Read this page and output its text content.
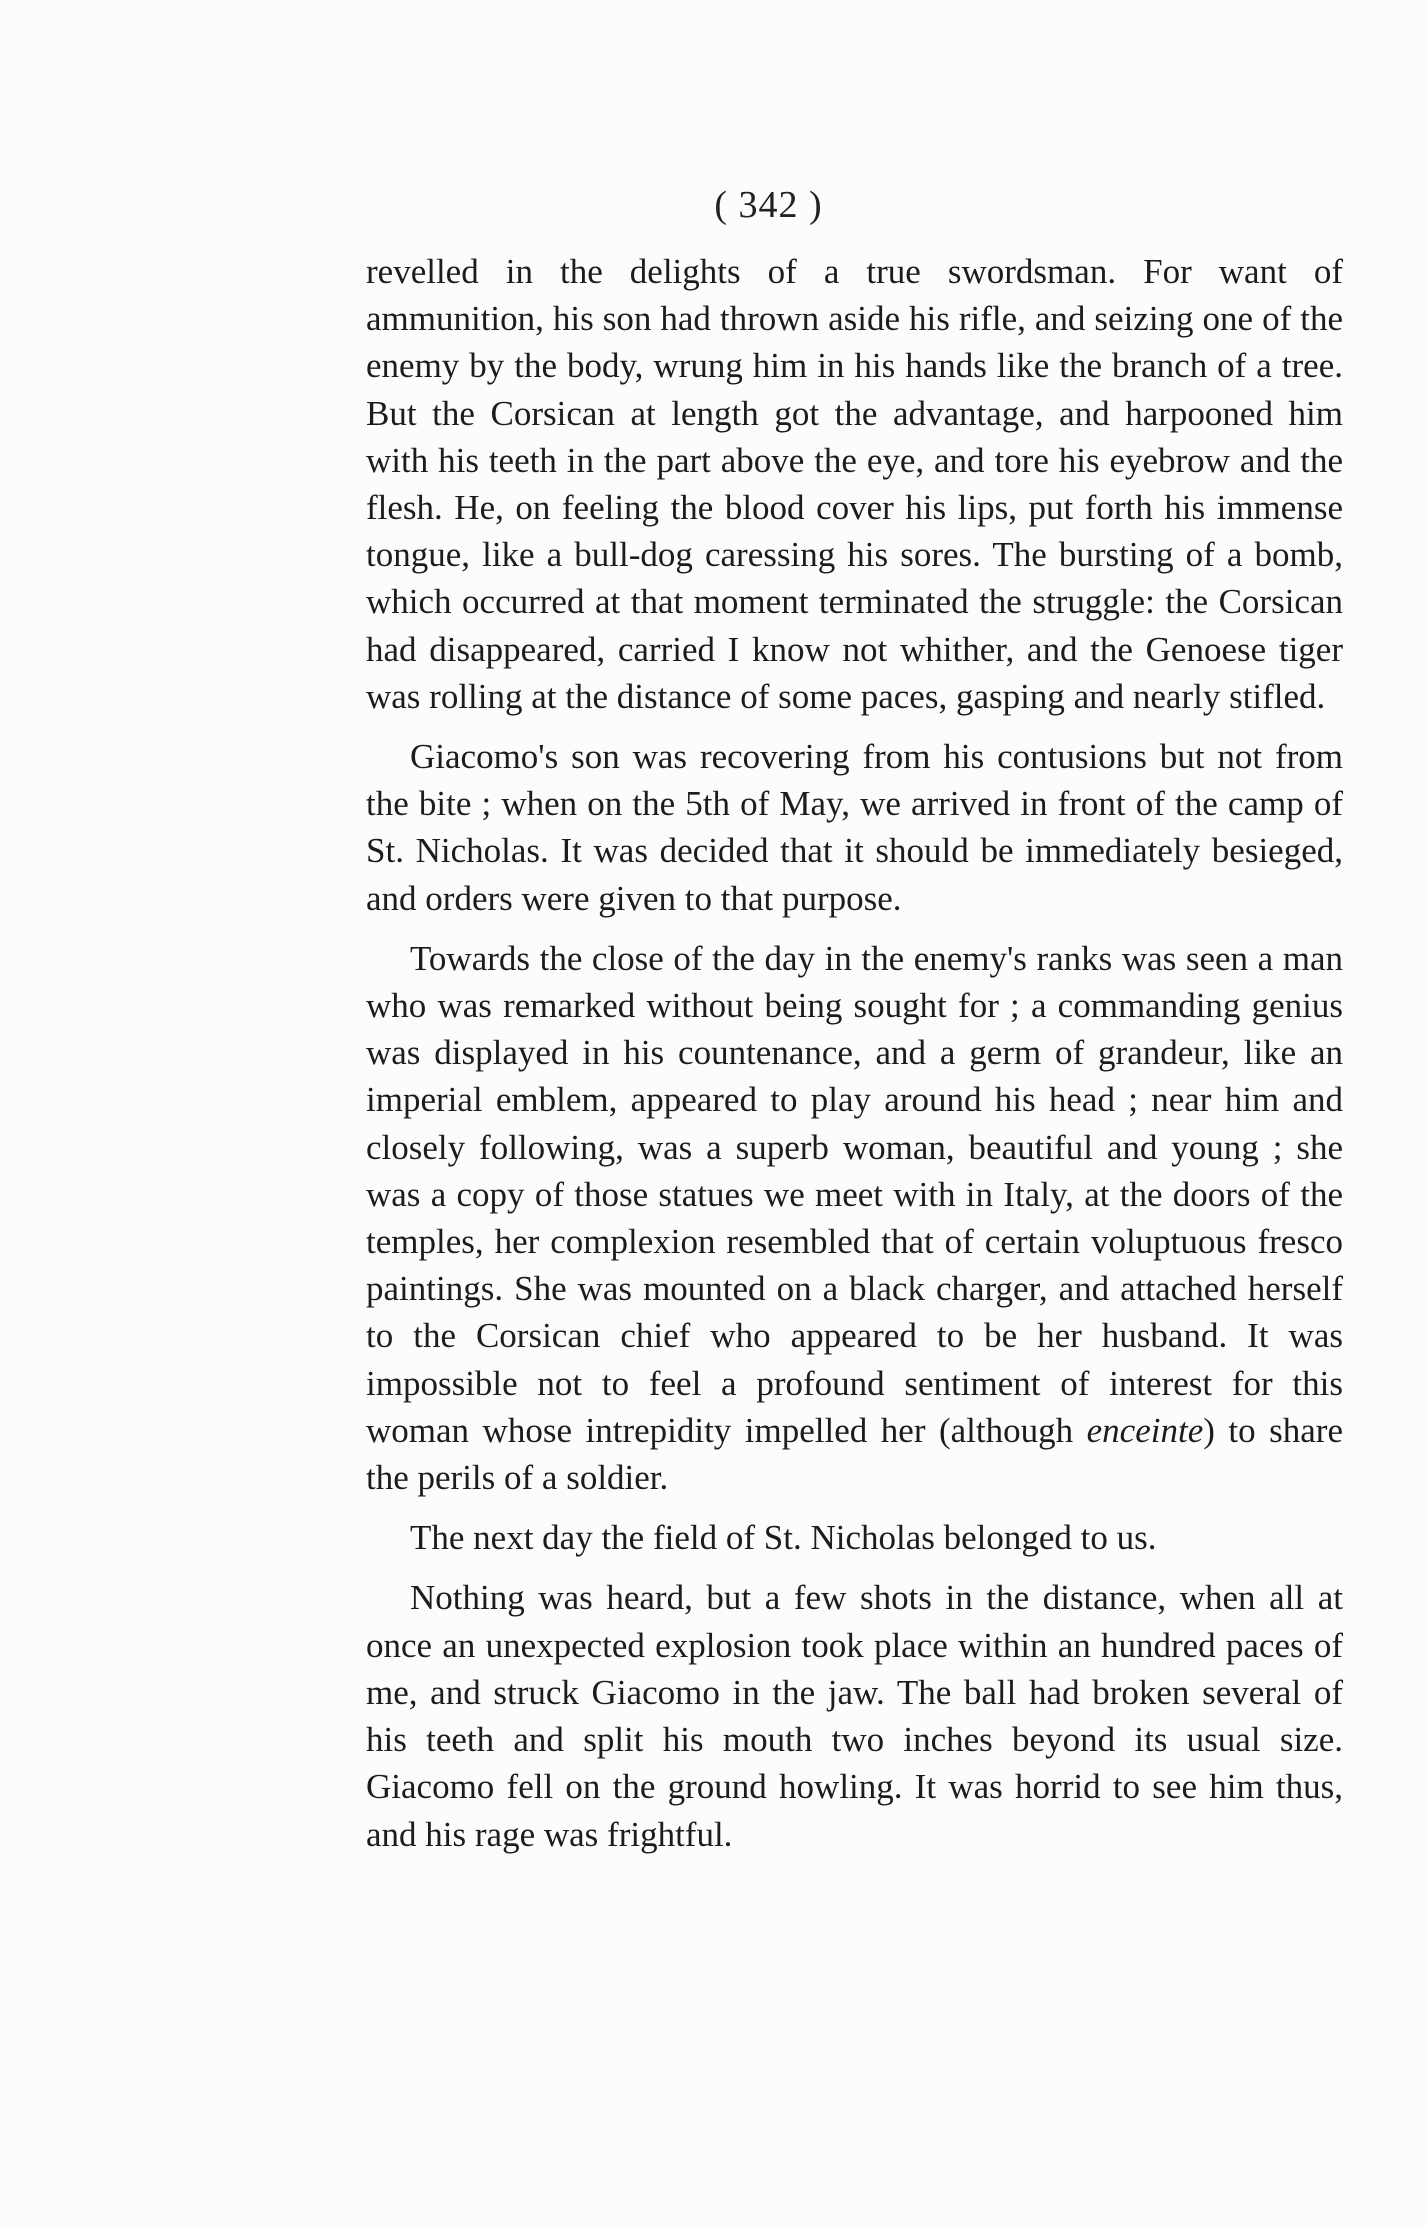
( 342 )

revelled in the delights of a true swordsman. For want of ammunition, his son had thrown aside his rifle, and seizing one of the enemy by the body, wrung him in his hands like the branch of a tree. But the Corsican at length got the advantage, and harpooned him with his teeth in the part above the eye, and tore his eyebrow and the flesh. He, on feeling the blood cover his lips, put forth his immense tongue, like a bull-dog caressing his sores. The bursting of a bomb, which occurred at that moment terminated the struggle: the Corsican had disappeared, carried I know not whither, and the Genoese tiger was rolling at the distance of some paces, gasping and nearly stifled.

Giacomo's son was recovering from his contusions but not from the bite ; when on the 5th of May, we arrived in front of the camp of St. Nicholas. It was decided that it should be immediately besieged, and orders were given to that purpose.

Towards the close of the day in the enemy's ranks was seen a man who was remarked without being sought for ; a commanding genius was displayed in his countenance, and a germ of grandeur, like an imperial emblem, appeared to play around his head ; near him and closely following, was a superb woman, beautiful and young ; she was a copy of those statues we meet with in Italy, at the doors of the temples, her complexion resembled that of certain voluptuous fresco paintings. She was mounted on a black charger, and attached herself to the Corsican chief who appeared to be her husband. It was impossible not to feel a profound sentiment of interest for this woman whose intrepidity impelled her (although enceinte) to share the perils of a soldier.

The next day the field of St. Nicholas belonged to us.

Nothing was heard, but a few shots in the distance, when all at once an unexpected explosion took place within an hundred paces of me, and struck Giacomo in the jaw. The ball had broken several of his teeth and split his mouth two inches beyond its usual size. Giacomo fell on the ground howling. It was horrid to see him thus, and his rage was frightful.
